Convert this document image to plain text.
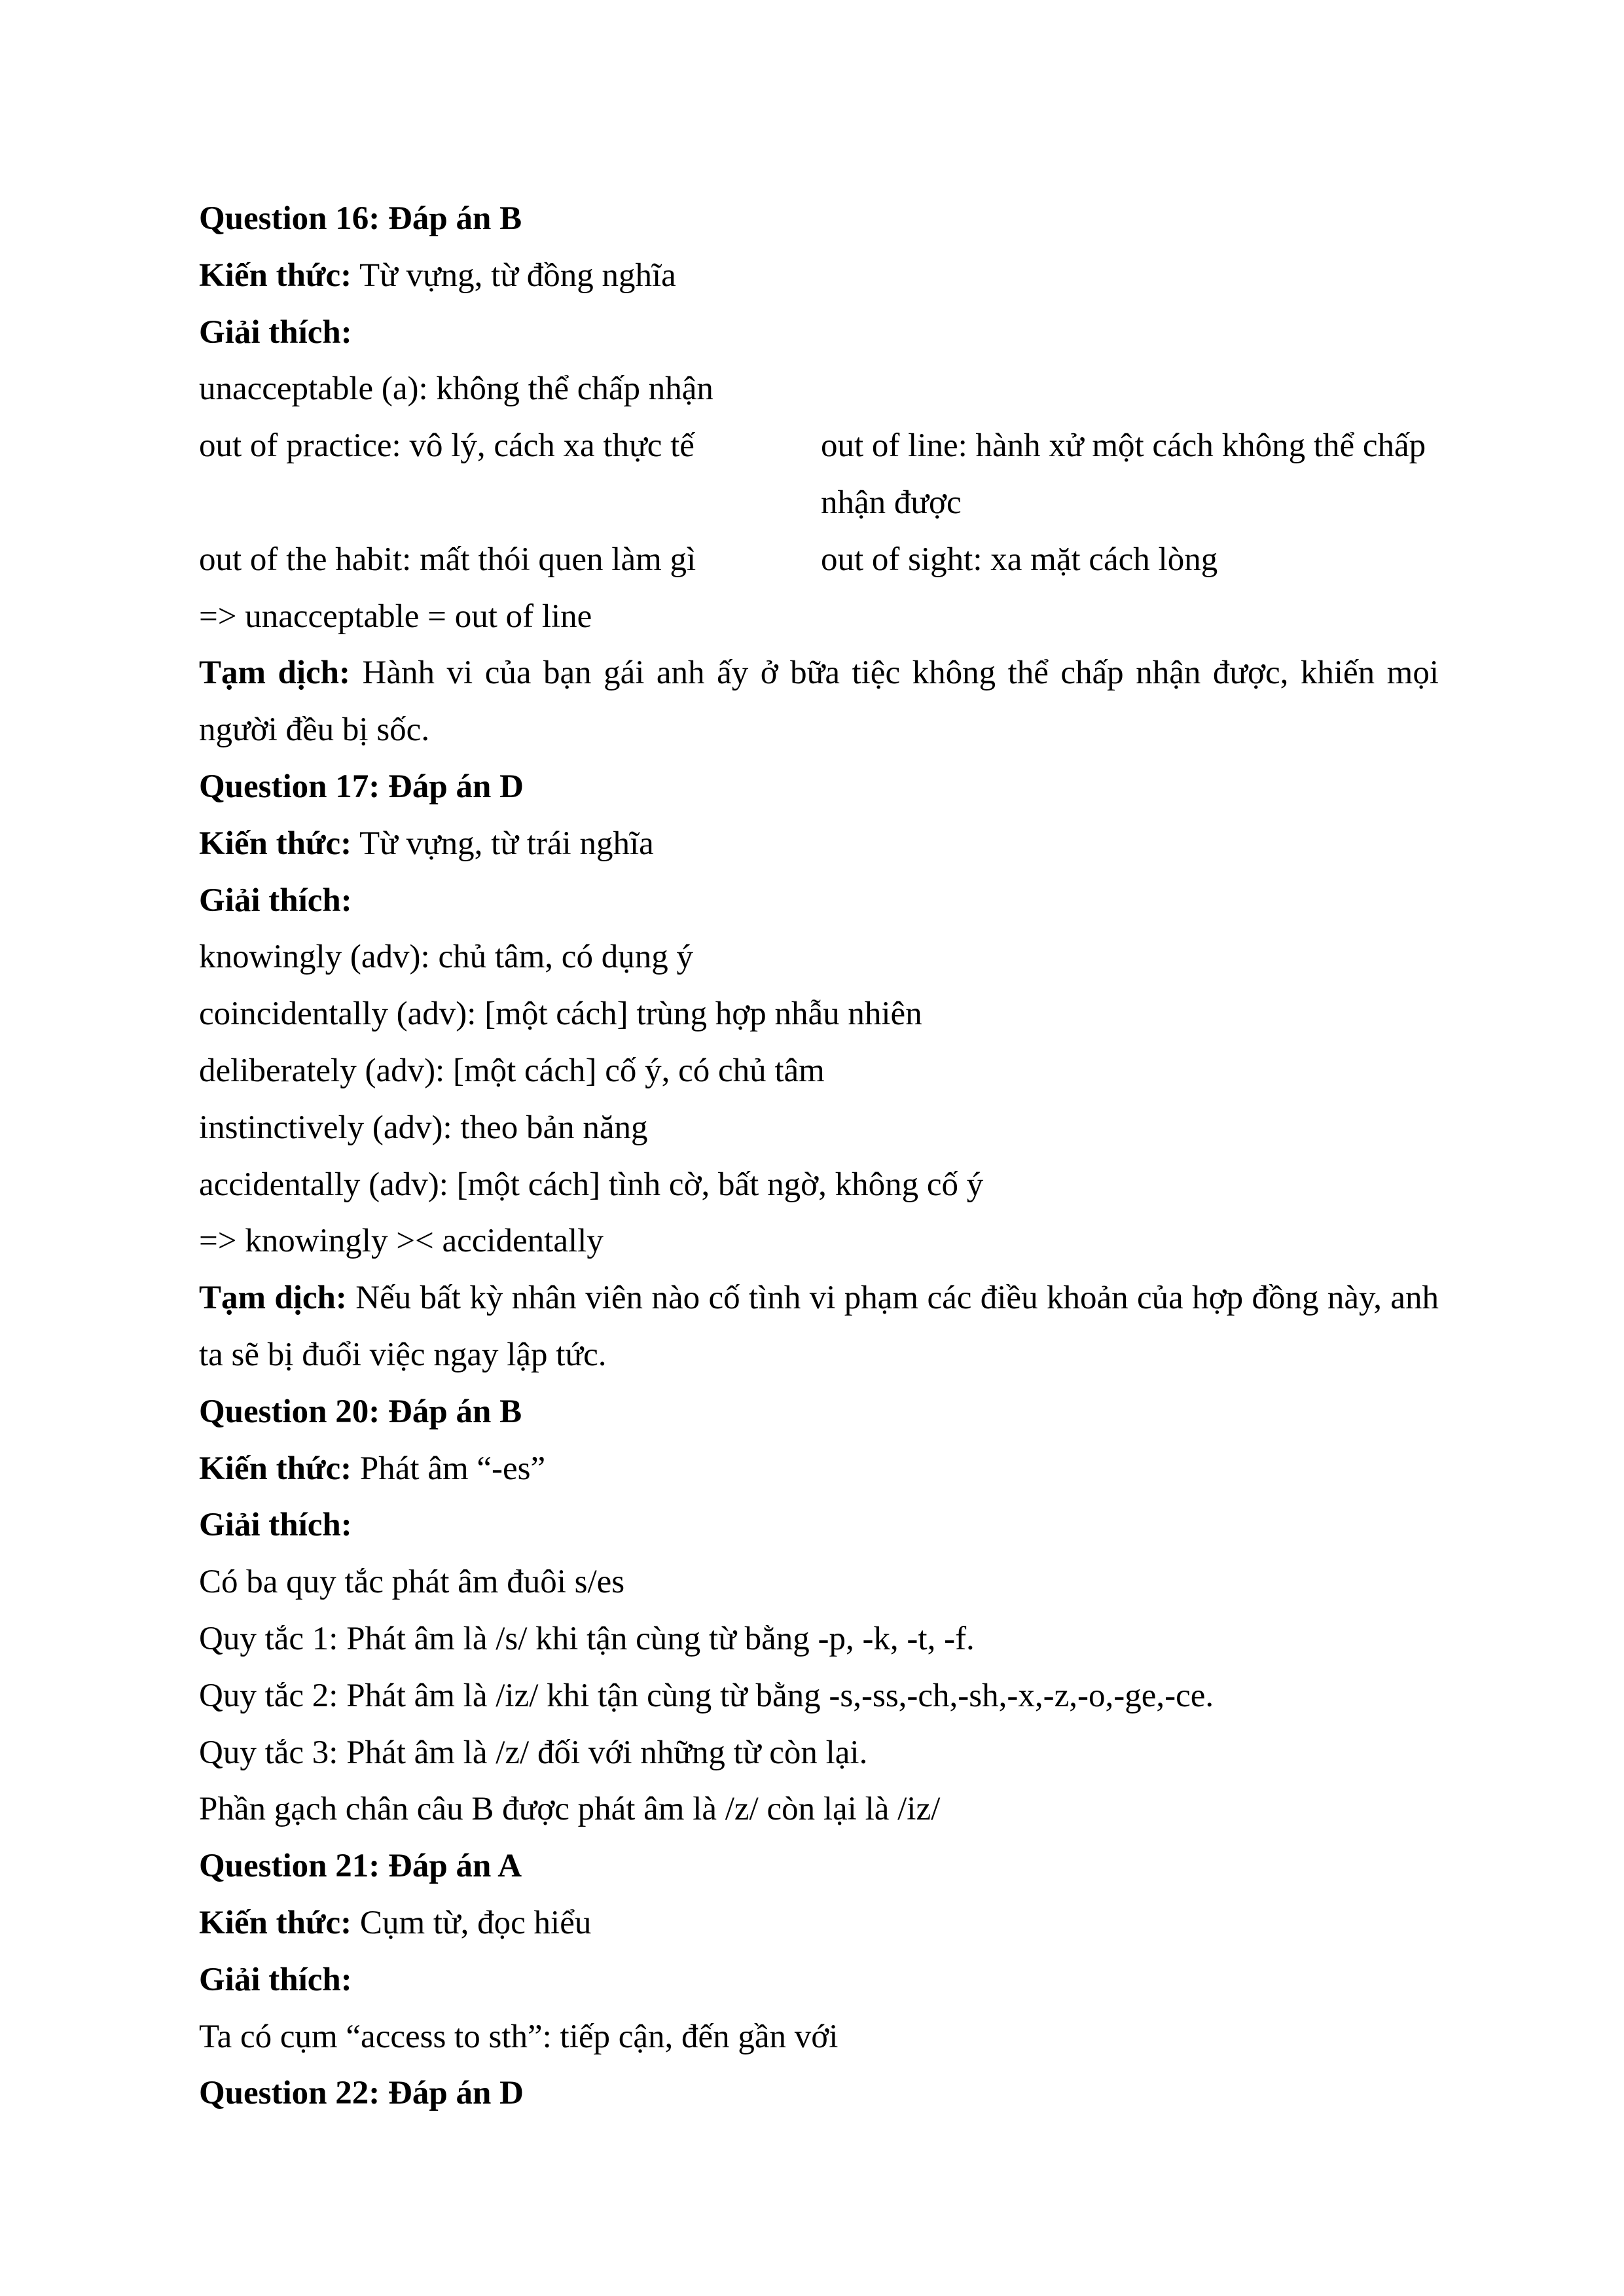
Question 16: Đáp án B

Kiến thức: Từ vựng, từ đồng nghĩa

Giải thích:

unacceptable (a): không thể chấp nhận

out of practice: vô lý, cách xa thực tế	out of line: hành xử một cách không thể chấp nhận được
out of the habit: mất thói quen làm gì	out of sight: xa mặt cách lòng

=> unacceptable = out of line

Tạm dịch: Hành vi của bạn gái anh ấy ở bữa tiệc không thể chấp nhận được, khiến mọi người đều bị sốc.

Question 17: Đáp án D

Kiến thức: Từ vựng, từ trái nghĩa

Giải thích:

knowingly (adv): chủ tâm, có dụng ý

coincidentally (adv): [một cách] trùng hợp nhẫu nhiên

deliberately (adv): [một cách] cố ý, có chủ tâm

instinctively (adv): theo bản năng

accidentally (adv): [một cách] tình cờ, bất ngờ, không cố ý

=> knowingly >< accidentally

Tạm dịch: Nếu bất kỳ nhân viên nào cố tình vi phạm các điều khoản của hợp đồng này, anh ta sẽ bị đuổi việc ngay lập tức.

Question 20: Đáp án B

Kiến thức: Phát âm “-es”

Giải thích:

Có ba quy tắc phát âm đuôi s/es

Quy tắc 1: Phát âm là /s/ khi tận cùng từ bằng -p, -k, -t, -f.

Quy tắc 2: Phát âm là /iz/ khi tận cùng từ bằng -s,-ss,-ch,-sh,-x,-z,-o,-ge,-ce.

Quy tắc 3: Phát âm là /z/ đối với những từ còn lại.

Phần gạch chân câu B được phát âm là /z/ còn lại là /iz/

Question 21: Đáp án A

Kiến thức: Cụm từ, đọc hiểu

Giải thích:

Ta có cụm “access to sth”: tiếp cận, đến gần với

Question 22: Đáp án D
